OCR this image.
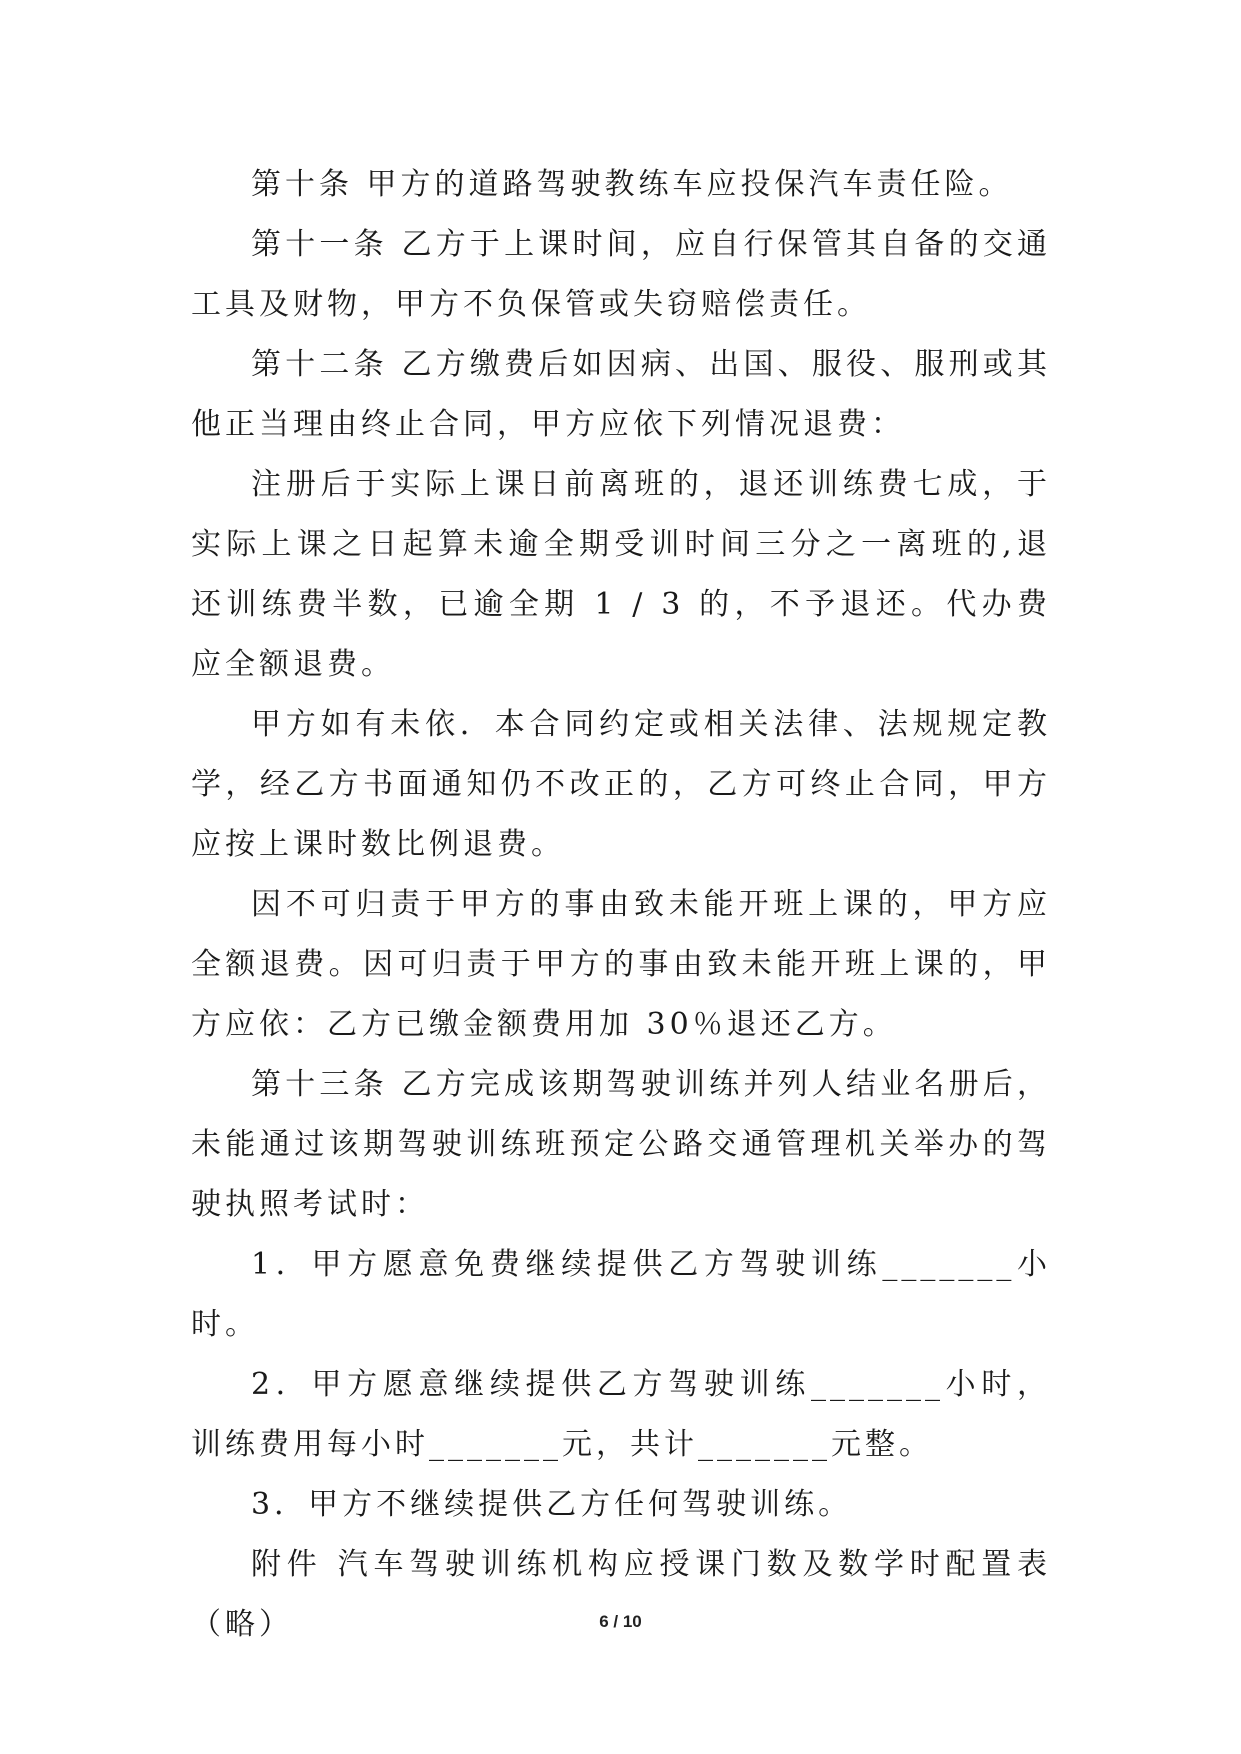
第十条 甲方的道路驾驶教练车应投保汽车责任险。

第十一条 乙方于上课时间，应自行保管其自备的交通工具及财物，甲方不负保管或失窃赔偿责任。

第十二条 乙方缴费后如因病、出国、服役、服刑或其他正当理由终止合同，甲方应依下列情况退费：

注册后于实际上课日前离班的，退还训练费七成，于实际上课之日起算未逾全期受训时间三分之一离班的,退还训练费半数，已逾全期 1 / 3 的，不予退还。代办费应全额退费。

甲方如有未依．本合同约定或相关法律、法规规定教学，经乙方书面通知仍不改正的，乙方可终止合同，甲方应按上课时数比例退费。

因不可归责于甲方的事由致未能开班上课的，甲方应全额退费。因可归责于甲方的事由致未能开班上课的，甲方应依：乙方已缴金额费用加 30％退还乙方。

第十三条 乙方完成该期驾驶训练并列人结业名册后，未能通过该期驾驶训练班预定公路交通管理机关举办的驾驶执照考试时：

1．甲方愿意免费继续提供乙方驾驶训练_______小时。

2．甲方愿意继续提供乙方驾驶训练_______小时，训练费用每小时_______元，共计_______元整。

3．甲方不继续提供乙方任何驾驶训练。

附件 汽车驾驶训练机构应授课门数及数学时配置表（略）	6 / 10
